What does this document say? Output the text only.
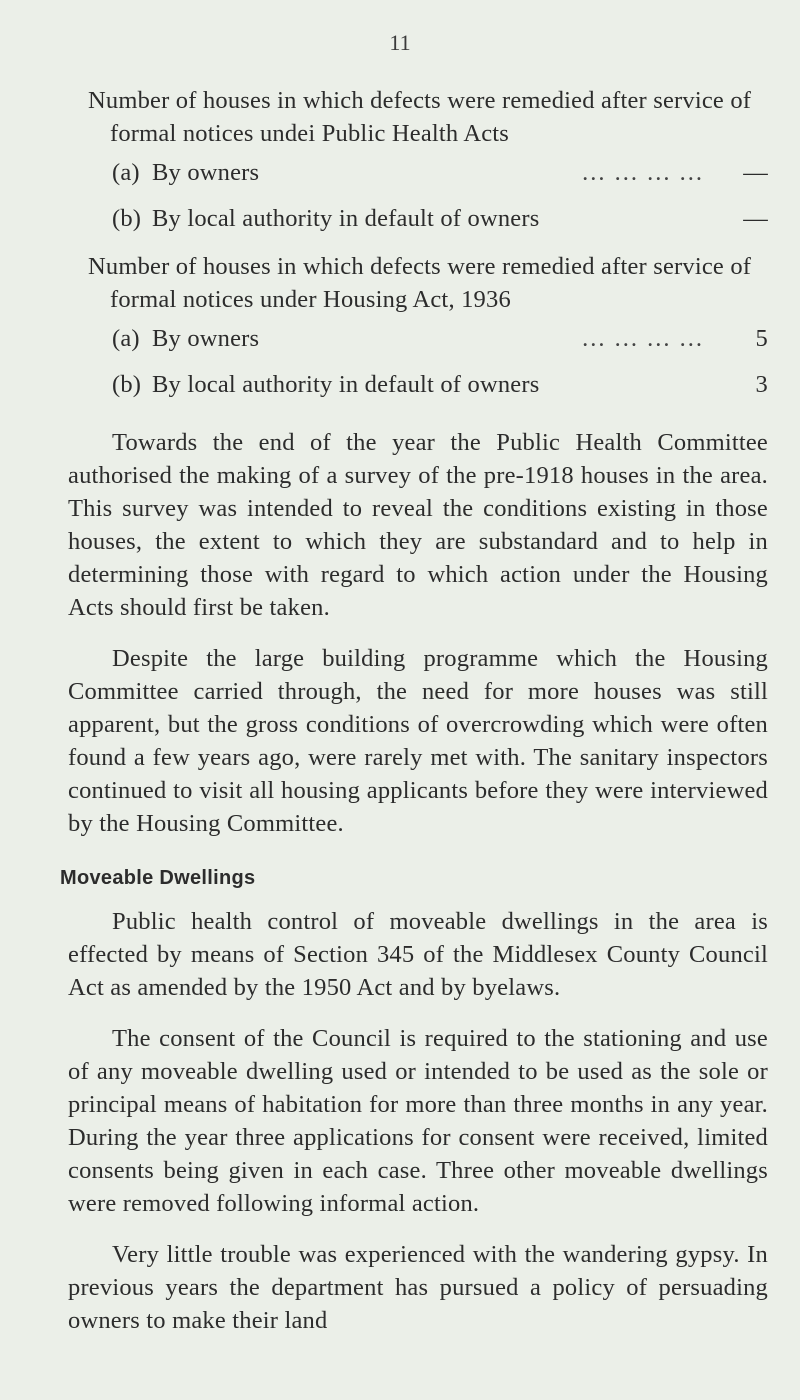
11

Number of houses in which defects were remedied after service of formal notices undei Public Health Acts

(a) By owners	... ... ... ...	—
(b) By local authority in default of owners	—

Number of houses in which defects were remedied after service of formal notices under Housing Act, 1936

(a) By owners	... ... ... ...	5
(b) By local authority in default of owners	3

Towards the end of the year the Public Health Committee authorised the making of a survey of the pre-1918 houses in the area. This survey was intended to reveal the conditions existing in those houses, the extent to which they are substandard and to help in determining those with regard to which action under the Housing Acts should first be taken.

Despite the large building programme which the Housing Committee carried through, the need for more houses was still apparent, but the gross conditions of overcrowding which were often found a few years ago, were rarely met with. The sanitary inspectors continued to visit all housing applicants before they were interviewed by the Housing Committee.

Moveable Dwellings

Public health control of moveable dwellings in the area is effected by means of Section 345 of the Middlesex County Council Act as amended by the 1950 Act and by byelaws.

The consent of the Council is required to the stationing and use of any moveable dwelling used or intended to be used as the sole or principal means of habitation for more than three months in any year. During the year three applications for consent were received, limited consents being given in each case. Three other moveable dwellings were removed following informal action.

Very little trouble was experienced with the wandering gypsy. In previous years the department has pursued a policy of persuading owners to make their land
